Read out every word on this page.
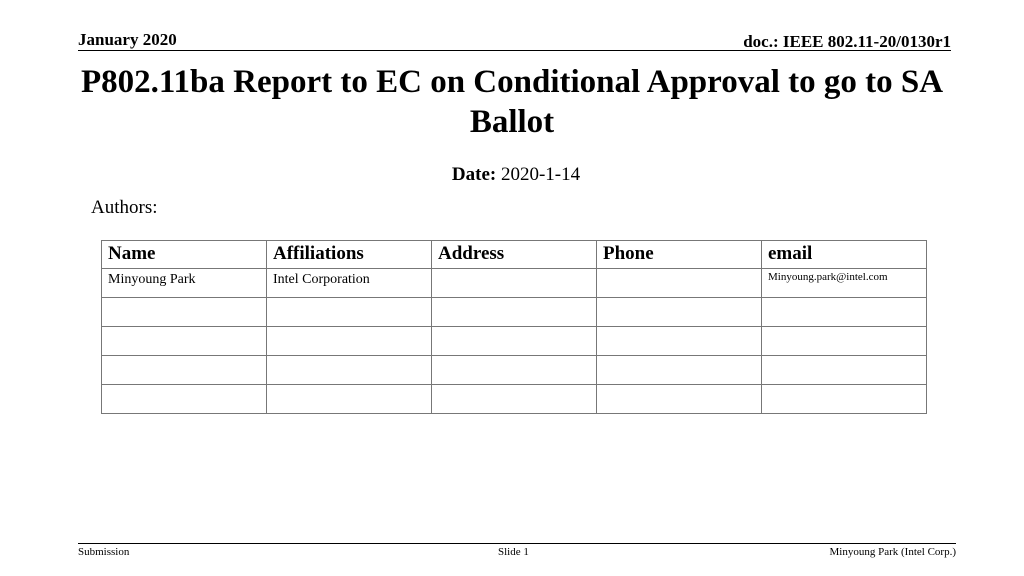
January 2020	doc.: IEEE 802.11-20/0130r1
P802.11ba Report to EC on Conditional Approval to go to SA Ballot
Date: 2020-1-14
Authors:
Name	Affiliations	Address	Phone	email
Minyoung Park	Intel Corporation			Minyoung.park@intel.com

Submission	Slide 1	Minyoung Park (Intel Corp.)
